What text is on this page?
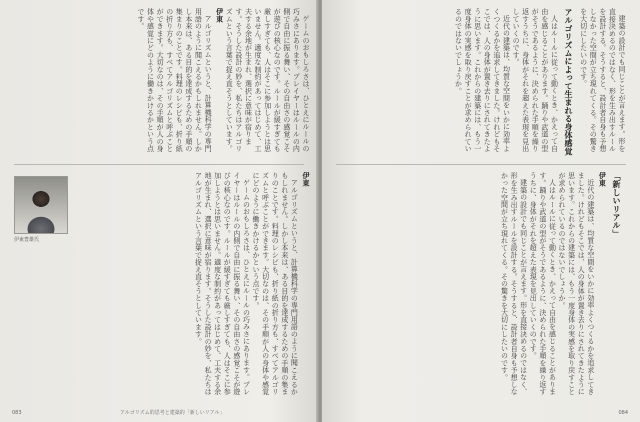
ゲームのおもしろさは、ひとえにルールの巧みさにあります。プレイヤーはルールの内側で自由に振る舞い、その自由さの感覚こそが遊びの核心なのです。ルールが緩すぎても厳しすぎても、人はそこに参加しようとは思いません。適度な制約があってはじめて、工夫する余地が生まれ、選択に意味が宿ります。そうした設計の妙を、私たちはアルゴリズムという言葉で捉え直そうとしています。

伊東

アルゴリズムというと、計算機科学の専門用語のように聞こえるかもしれません。しかし本来は、ある目的を達成するための手順の集まりのことです。料理のレシピも、折り紙の折り方も、すべてアルゴリズムと呼ぶことができます。大切なのは、その手順が人の身体や感覚にどのように働きかけるかという点です。

伊東

アルゴリズムというと、計算機科学の専門用語のように聞こえるかもしれません。しかし本来は、ある目的を達成するための手順の集まりのことです。料理のレシピも、折り紙の折り方も、すべてアルゴリズムと呼ぶことができます。大切なのは、その手順が人の身体や感覚にどのように働きかけるかという点です。

ゲームのおもしろさは、ひとえにルールの巧みさにあります。プレイヤーはルールの内側で自由に振る舞い、その自由さの感覚こそが遊びの核心なのです。ルールが緩すぎても厳しすぎても、人はそこに参加しようとは思いません。適度な制約があってはじめて、工夫する余地が生まれ、選択に意味が宿ります。そうした設計の妙を、私たちはアルゴリズムという言葉で捉え直そうとしています。

伊東豊雄氏
083	アルゴリズム的思考と建築的「新しいリアル」

建築の設計でも同じことが言えます。形を直接決めるのではなく、形を生み出すルールを設計する。そうすると、設計者自身も予想しなかった空間が立ち現れてくる。その驚きを大切にしたいのです。

アルゴリズムによって生まれる身体感覚

人はルールに従って動くとき、かえって自由を感じることがあります。踊りや武道の型がそうであるように、決められた手順を繰り返すうちに、身体がそれを超えた表現を見出していくのです。

近代の建築は、均質な空間をいかに効率よくつくるかを追求してきました。けれどもそこでは、人の身体が置き去りにされてきたように思います。これからの建築には、もう一度身体の実感を取り戻すことが求められているのではないでしょうか。

「新しいリアル」

伊東

近代の建築は、均質な空間をいかに効率よくつくるかを追求してきました。けれどもそこでは、人の身体が置き去りにされてきたように思います。これからの建築には、もう一度身体の実感を取り戻すことが求められているのではないでしょうか。

人はルールに従って動くとき、かえって自由を感じることがあります。踊りや武道の型がそうであるように、決められた手順を繰り返すうちに、身体がそれを超えた表現を見出していくのです。

建築の設計でも同じことが言えます。形を直接決めるのではなく、形を生み出すルールを設計する。そうすると、設計者自身も予想しなかった空間が立ち現れてくる。その驚きを大切にしたいのです。

084
